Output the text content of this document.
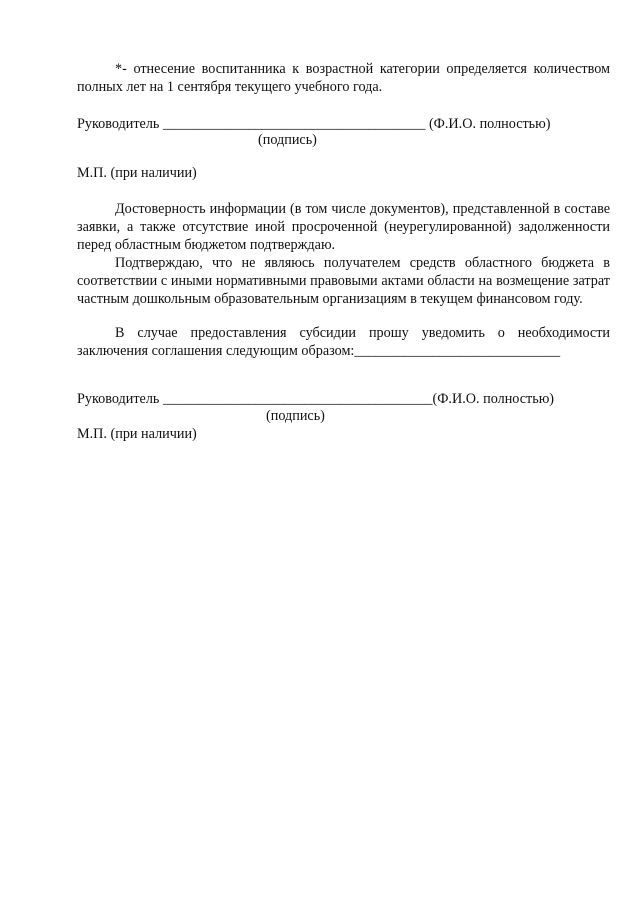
*- отнесение воспитанника к возрастной категории определяется количеством полных лет на 1 сентября текущего учебного года.

Руководитель _____________________________________ (Ф.И.О. полностью)
(подпись)
М.П. (при наличии)

Достоверность информации (в том числе документов), представленной в составе заявки, а также отсутствие иной просроченной (неурегулированной) задолженности перед областным бюджетом подтверждаю.

Подтверждаю, что не являюсь получателем средств областного бюджета в соответствии с иными нормативными правовыми актами области на возмещение затрат частным дошкольным образовательным организациям в текущем финансовом году.

В случае предоставления субсидии прошу уведомить о необходимости заключения соглашения следующим образом:_____________________________

Руководитель ______________________________________(Ф.И.О. полностью)
(подпись)
М.П. (при наличии)
